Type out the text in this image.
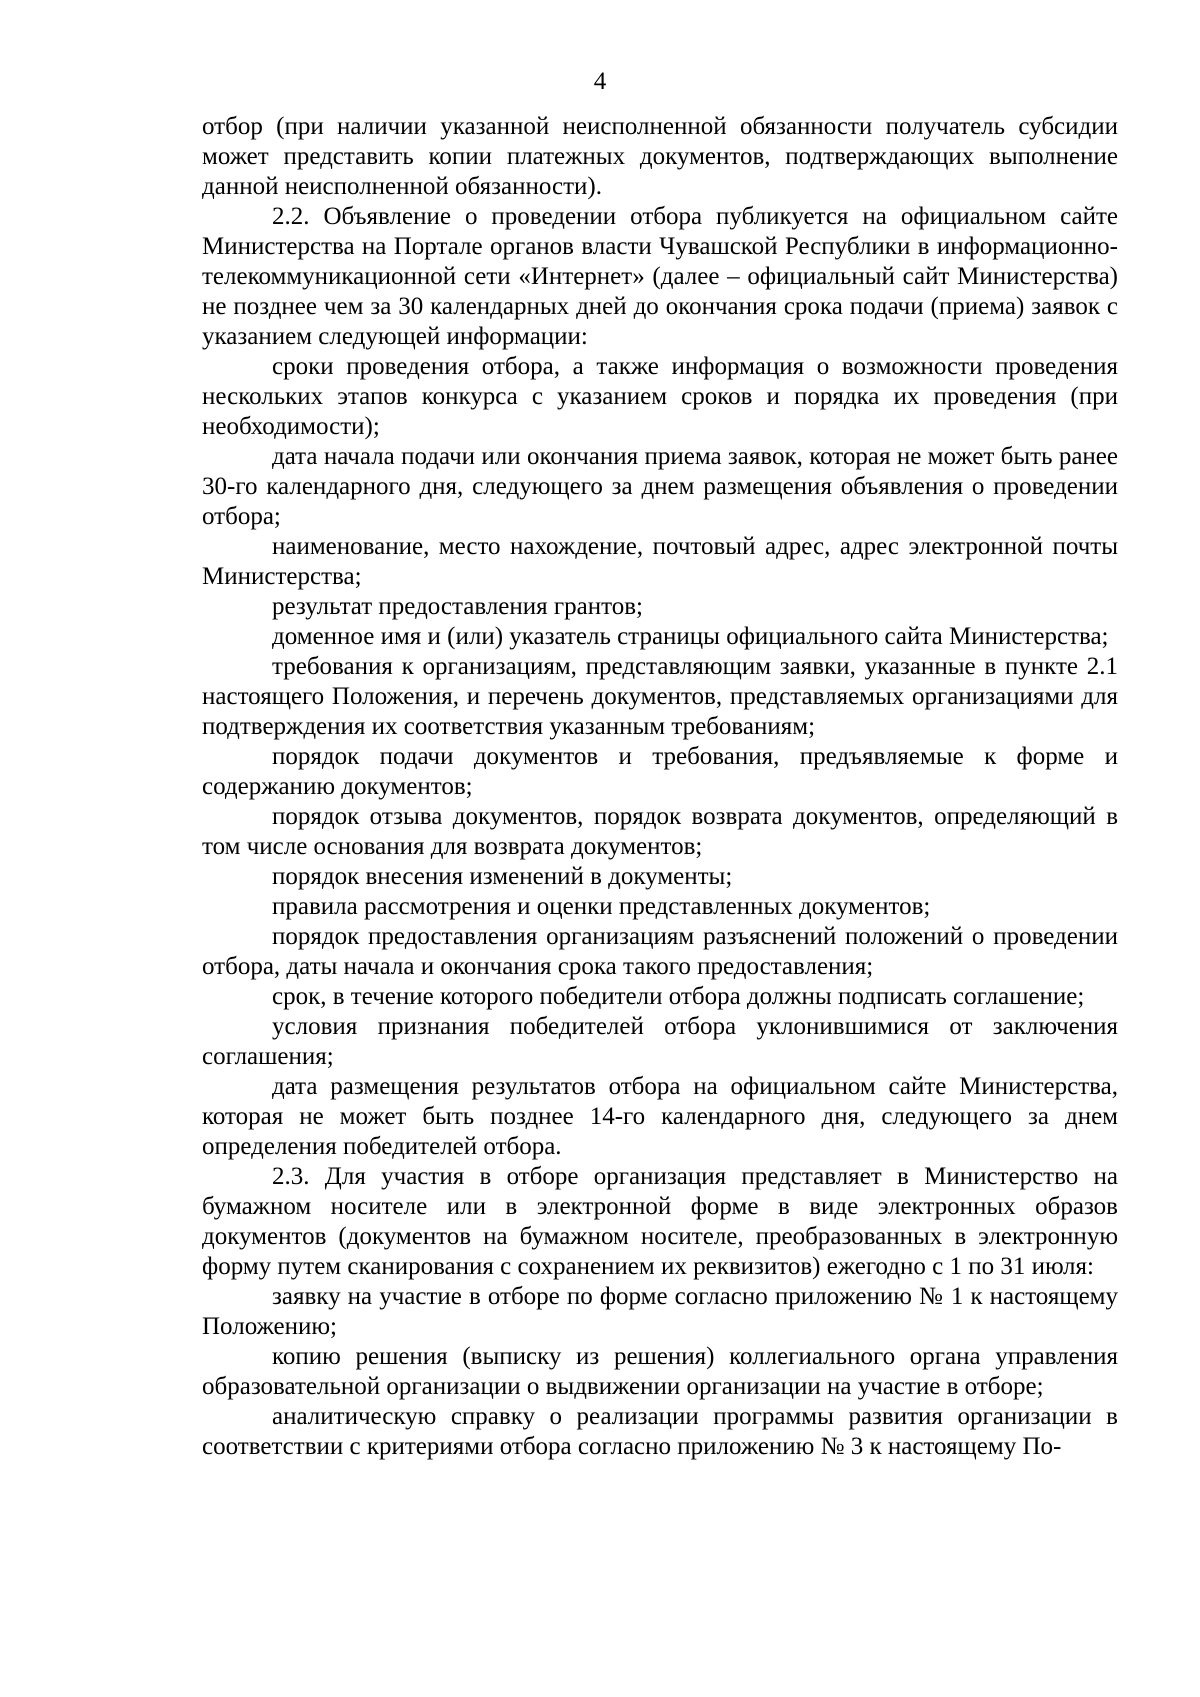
4

отбор (при наличии указанной неисполненной обязанности получатель субсидии может представить копии платежных документов, подтверждающих выполнение данной неисполненной обязанности).

2.2. Объявление о проведении отбора публикуется на официальном сайте Министерства на Портале органов власти Чувашской Республики в информационно-телекоммуникационной сети «Интернет» (далее – официальный сайт Министерства) не позднее чем за 30 календарных дней до окончания срока подачи (приема) заявок с указанием следующей информации:

сроки проведения отбора, а также информация о возможности проведения нескольких этапов конкурса с указанием сроков и порядка их проведения (при необходимости);

дата начала подачи или окончания приема заявок, которая не может быть ранее 30-го календарного дня, следующего за днем размещения объявления о проведении отбора;

наименование, место нахождение, почтовый адрес, адрес электронной почты Министерства;

результат предоставления грантов;

доменное имя и (или) указатель страницы официального сайта Министерства;

требования к организациям, представляющим заявки, указанные в пункте 2.1 настоящего Положения, и перечень документов, представляемых организациями для подтверждения их соответствия указанным требованиям;

порядок подачи документов и требования, предъявляемые к форме и содержанию документов;

порядок отзыва документов, порядок возврата документов, определяющий в том числе основания для возврата документов;

порядок внесения изменений в документы;

правила рассмотрения и оценки представленных документов;

порядок предоставления организациям разъяснений положений о проведении отбора, даты начала и окончания срока такого предоставления;

срок, в течение которого победители отбора должны подписать соглашение;

условия признания победителей отбора уклонившимися от заключения соглашения;

дата размещения результатов отбора на официальном сайте Министерства, которая не может быть позднее 14-го календарного дня, следующего за днем определения победителей отбора.

2.3. Для участия в отборе организация представляет в Министерство на бумажном носителе или в электронной форме в виде электронных образов документов (документов на бумажном носителе, преобразованных в электронную форму путем сканирования с сохранением их реквизитов) ежегодно с 1 по 31 июля:

заявку на участие в отборе по форме согласно приложению № 1 к настоящему Положению;

копию решения (выписку из решения) коллегиального органа управления образовательной организации о выдвижении организации на участие в отборе;

аналитическую справку о реализации программы развития организации в соответствии с критериями отбора согласно приложению № 3 к настоящему По-
